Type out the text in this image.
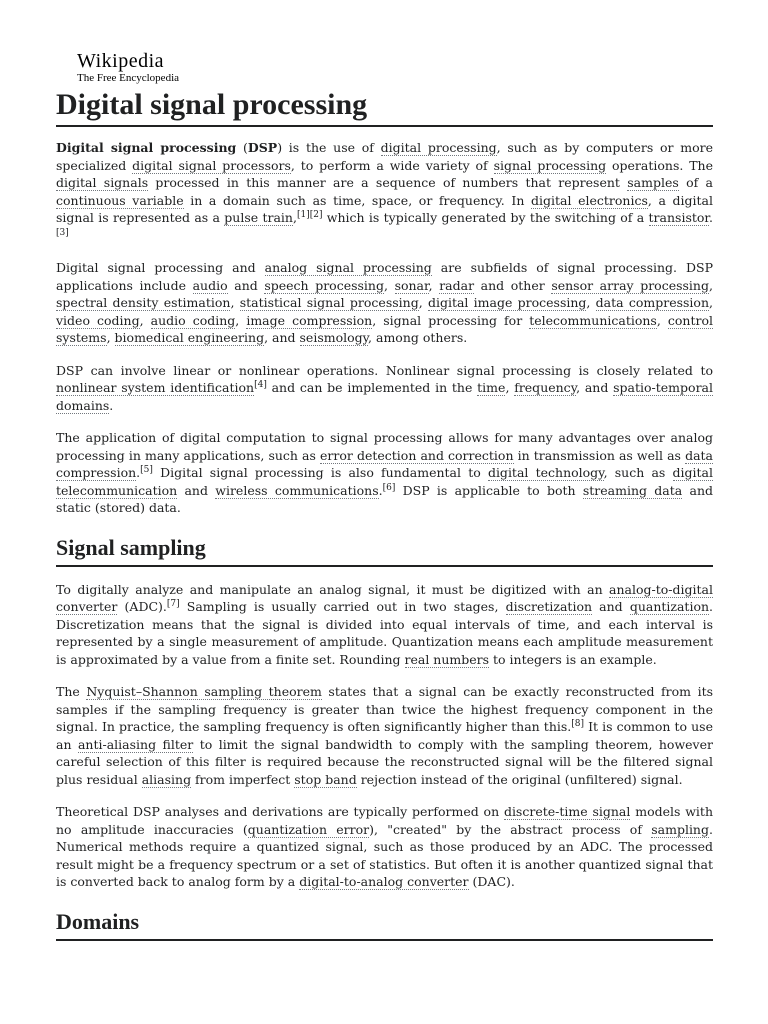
Wikipedia
The Free Encyclopedia
Digital signal processing

Digital signal processing (DSP) is the use of digital processing, such as by computers or more specialized digital signal processors, to perform a wide variety of signal processing operations. The digital signals processed in this manner are a sequence of numbers that represent samples of a continuous variable in a domain such as time, space, or frequency. In digital electronics, a digital signal is represented as a pulse train,[1][2] which is typically generated by the switching of a transistor.[3]

Digital signal processing and analog signal processing are subfields of signal processing. DSP applications include audio and speech processing, sonar, radar and other sensor array processing, spectral density estimation, statistical signal processing, digital image processing, data compression, video coding, audio coding, image compression, signal processing for telecommunications, control systems, biomedical engineering, and seismology, among others.

DSP can involve linear or nonlinear operations. Nonlinear signal processing is closely related to nonlinear system identification[4] and can be implemented in the time, frequency, and spatio-temporal domains.

The application of digital computation to signal processing allows for many advantages over analog processing in many applications, such as error detection and correction in transmission as well as data compression.[5] Digital signal processing is also fundamental to digital technology, such as digital telecommunication and wireless communications.[6] DSP is applicable to both streaming data and static (stored) data.

Signal sampling

To digitally analyze and manipulate an analog signal, it must be digitized with an analog-to-digital converter (ADC).[7] Sampling is usually carried out in two stages, discretization and quantization. Discretization means that the signal is divided into equal intervals of time, and each interval is represented by a single measurement of amplitude. Quantization means each amplitude measurement is approximated by a value from a finite set. Rounding real numbers to integers is an example.

The Nyquist–Shannon sampling theorem states that a signal can be exactly reconstructed from its samples if the sampling frequency is greater than twice the highest frequency component in the signal. In practice, the sampling frequency is often significantly higher than this.[8] It is common to use an anti-aliasing filter to limit the signal bandwidth to comply with the sampling theorem, however careful selection of this filter is required because the reconstructed signal will be the filtered signal plus residual aliasing from imperfect stop band rejection instead of the original (unfiltered) signal.

Theoretical DSP analyses and derivations are typically performed on discrete-time signal models with no amplitude inaccuracies (quantization error), "created" by the abstract process of sampling. Numerical methods require a quantized signal, such as those produced by an ADC. The processed result might be a frequency spectrum or a set of statistics. But often it is another quantized signal that is converted back to analog form by a digital-to-analog converter (DAC).

Domains
